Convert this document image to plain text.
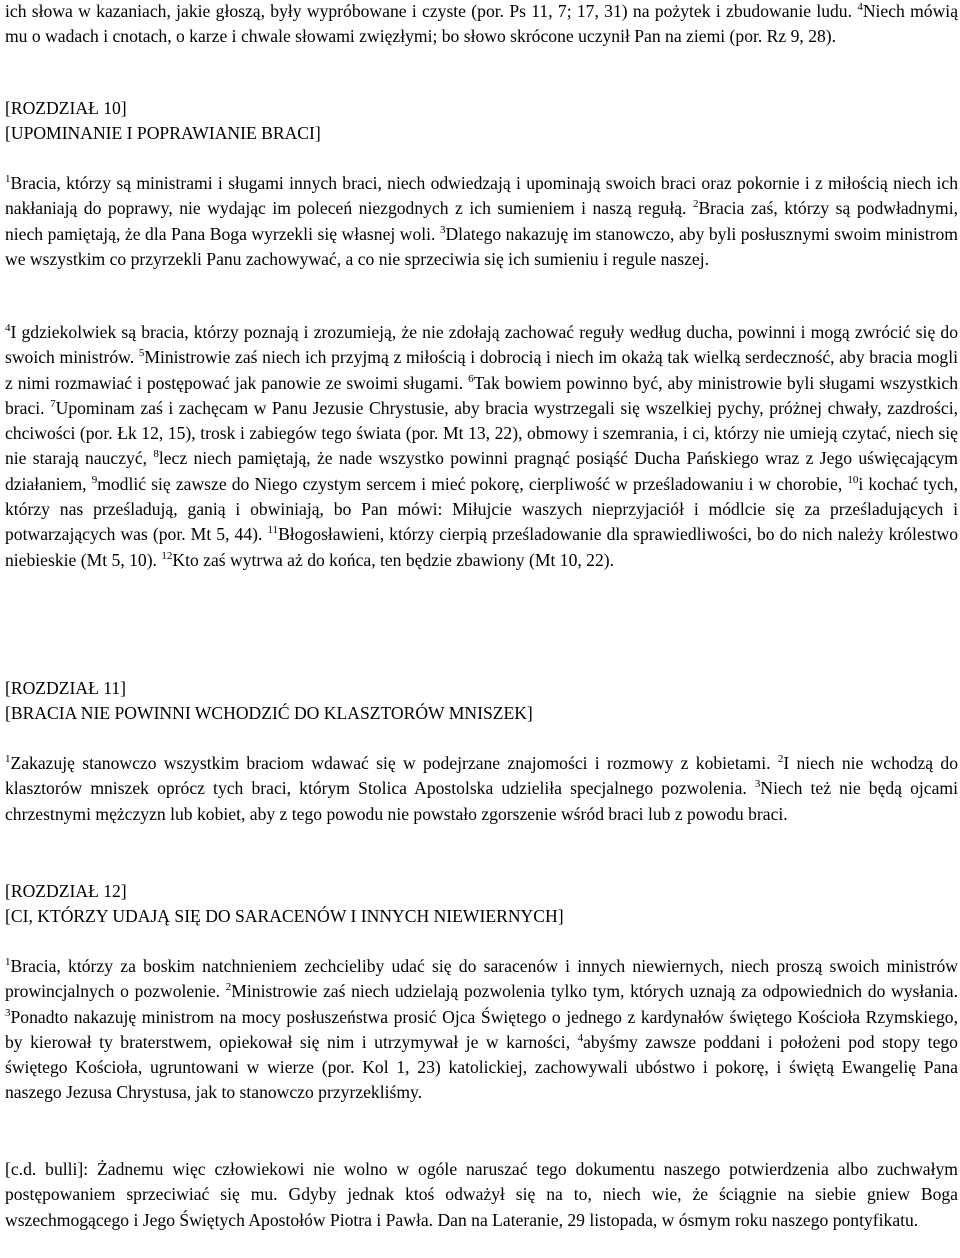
ich słowa w kazaniach, jakie głoszą, były wypróbowane i czyste (por. Ps 11, 7; 17, 31) na pożytek i zbudowanie ludu. $^4$Niech mówią mu o wadach i cnotach, o karze i chwale słowami zwięzłymi; bo słowo skrócone uczynił Pan na ziemi (por. Rz 9, 28).

[ROZDZIAŁ 10]

[UPOMINANIE I POPRAWIANIE BRACI]

$^1$Bracia, którzy są ministrami i sługami innych braci, niech odwiedzają i upominają swoich braci oraz pokornie i z miłością niech ich nakłaniają do poprawy, nie wydając im poleceń niezgodnych z ich sumieniem i naszą regułą. $^2$Bracia zaś, którzy są podwładnymi, niech pamiętają, że dla Pana Boga wyrzekli się własnej woli. $^3$Dlatego nakazuję im stanowczo, aby byli posłusznymi swoim ministrom we wszystkim co przyrzekli Panu zachowywać, a co nie sprzeciwia się ich sumieniu i regule naszej.

$^4$I gdziekolwiek są bracia, którzy poznają i zrozumieją, że nie zdołają zachować reguły według ducha, powinni i mogą zwrócić się do swoich ministrów. $^5$Ministrowie zaś niech ich przyjmą z miłością i dobrocią i niech im okażą tak wielką serdeczność, aby bracia mogli z nimi rozmawiać i postępować jak panowie ze swoimi sługami. $^6$Tak bowiem powinno być, aby ministrowie byli sługami wszystkich braci. $^7$Upominam zaś i zachęcam w Panu Jezusie Chrystusie, aby bracia wystrzegali się wszelkiej pychy, próżnej chwały, zazdrości, chciwości (por. Łk 12, 15), trosk i zabiegów tego świata (por. Mt 13, 22), obmowy i szemrania, i ci, którzy nie umieją czytać, niech się nie starają nauczyć, $^8$lecz niech pamiętają, że nade wszystko powinni pragnąć posiąść Ducha Pańskiego wraz z Jego uświęcającym działaniem, $^9$modlić się zawsze do Niego czystym sercem i mieć pokorę, cierpliwość w prześladowaniu i w chorobie, $^{10}$i kochać tych, którzy nas prześladują, ganią i obwiniają, bo Pan mówi: Miłujcie waszych nieprzyjaciół i módlcie się za prześladujących i potwarzających was (por. Mt 5, 44). $^{11}$Błogosławieni, którzy cierpią prześladowanie dla sprawiedliwości, bo do nich należy królestwo niebieskie (Mt 5, 10). $^{12}$Kto zaś wytrwa aż do końca, ten będzie zbawiony (Mt 10, 22).

[ROZDZIAŁ 11]

[BRACIA NIE POWINNI WCHODZIĆ DO KLASZTORÓW MNISZEK]

$^1$Zakazuję stanowczo wszystkim braciom wdawać się w podejrzane znajomości i rozmowy z kobietami. $^2$I niech nie wchodzą do klasztorów mniszek oprócz tych braci, którym Stolica Apostolska udzieliła specjalnego pozwolenia. $^3$Niech też nie będą ojcami chrzestnymi mężczyzn lub kobiet, aby z tego powodu nie powstało zgorszenie wśród braci lub z powodu braci.

[ROZDZIAŁ 12]

[CI, KTÓRZY UDAJĄ SIĘ DO SARACENÓW I INNYCH NIEWIERNYCH]

$^1$Bracia, którzy za boskim natchnieniem zechcieliby udać się do saracenów i innych niewiernych, niech proszą swoich ministrów prowincjalnych o pozwolenie. $^2$Ministrowie zaś niech udzielają pozwolenia tylko tym, których uznają za odpowiednich do wysłania. $^3$Ponadto nakazuję ministrom na mocy posłuszeństwa prosić Ojca Świętego o jednego z kardynałów świętego Kościoła Rzymskiego, by kierował ty braterstwem, opiekował się nim i utrzymywał je w karności, $^4$abyśmy zawsze poddani i położeni pod stopy tego świętego Kościoła, ugruntowani w wierze (por. Kol 1, 23) katolickiej, zachowywali ubóstwo i pokorę, i świętą Ewangelię Pana naszego Jezusa Chrystusa, jak to stanowczo przyrzekliśmy.

[c.d. bulli]: Żadnemu więc człowiekowi nie wolno w ogóle naruszać tego dokumentu naszego potwierdzenia albo zuchwałym postępowaniem sprzeciwiać się mu. Gdyby jednak ktoś odważył się na to, niech wie, że ściągnie na siebie gniew Boga wszechmogącego i Jego Świętych Apostołów Piotra i Pawła. Dan na Lateranie, 29 listopada, w ósmym roku naszego pontyfikatu.
